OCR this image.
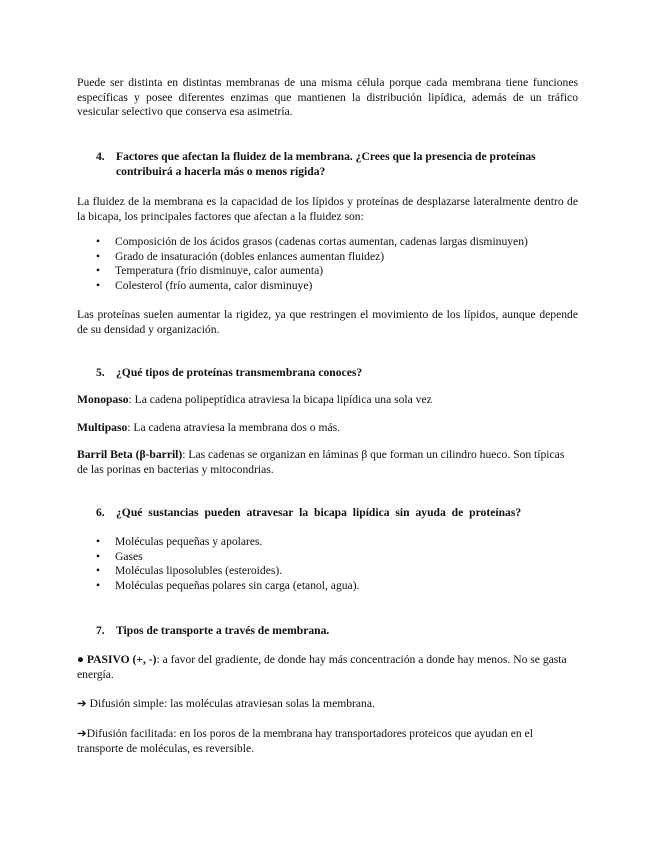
Puede ser distinta en distintas membranas de una misma célula porque cada membrana tiene funciones específicas y posee diferentes enzimas que mantienen la distribución lipídica, además de un tráfico vesicular selectivo que conserva esa asimetría.

4. Factores que afectan la fluidez de la membrana. ¿Crees que la presencia de proteínas contribuirá a hacerla más o menos rígida?

La fluidez de la membrana es la capacidad de los lípidos y proteínas de desplazarse lateralmente dentro de la bicapa, los principales factores que afectan a la fluidez son:

• Composición de los ácidos grasos (cadenas cortas aumentan, cadenas largas disminuyen)
• Grado de insaturación (dobles enlances aumentan fluidez)
• Temperatura (frío disminuye, calor aumenta)
• Colesterol (frío aumenta, calor disminuye)

Las proteínas suelen aumentar la rigidez, ya que restringen el movimiento de los lípidos, aunque depende de su densidad y organización.

5. ¿Qué tipos de proteínas transmembrana conoces?

Monopaso: La cadena polipeptídica atraviesa la bicapa lipídica una sola vez

Multipaso: La cadena atraviesa la membrana dos o más.

Barril Beta (β-barril): Las cadenas se organizan en láminas β que forman un cilindro hueco. Son típicas de las porinas en bacterias y mitocondrias.

6. ¿Qué sustancias pueden atravesar la bicapa lipídica sin ayuda de proteínas?
• Moléculas pequeñas y apolares.
• Gases
• Moléculas liposolubles (esteroides).
• Moléculas pequeñas polares sin carga (etanol, agua).
7. Tipos de transporte a través de membrana.

● PASIVO (+, -): a favor del gradiente, de donde hay más concentración a donde hay menos. No se gasta energía.

➔ Difusión simple: las moléculas atraviesan solas la membrana.

➔Difusión facilitada: en los poros de la membrana hay transportadores proteicos que ayudan en el transporte de moléculas, es reversible.
